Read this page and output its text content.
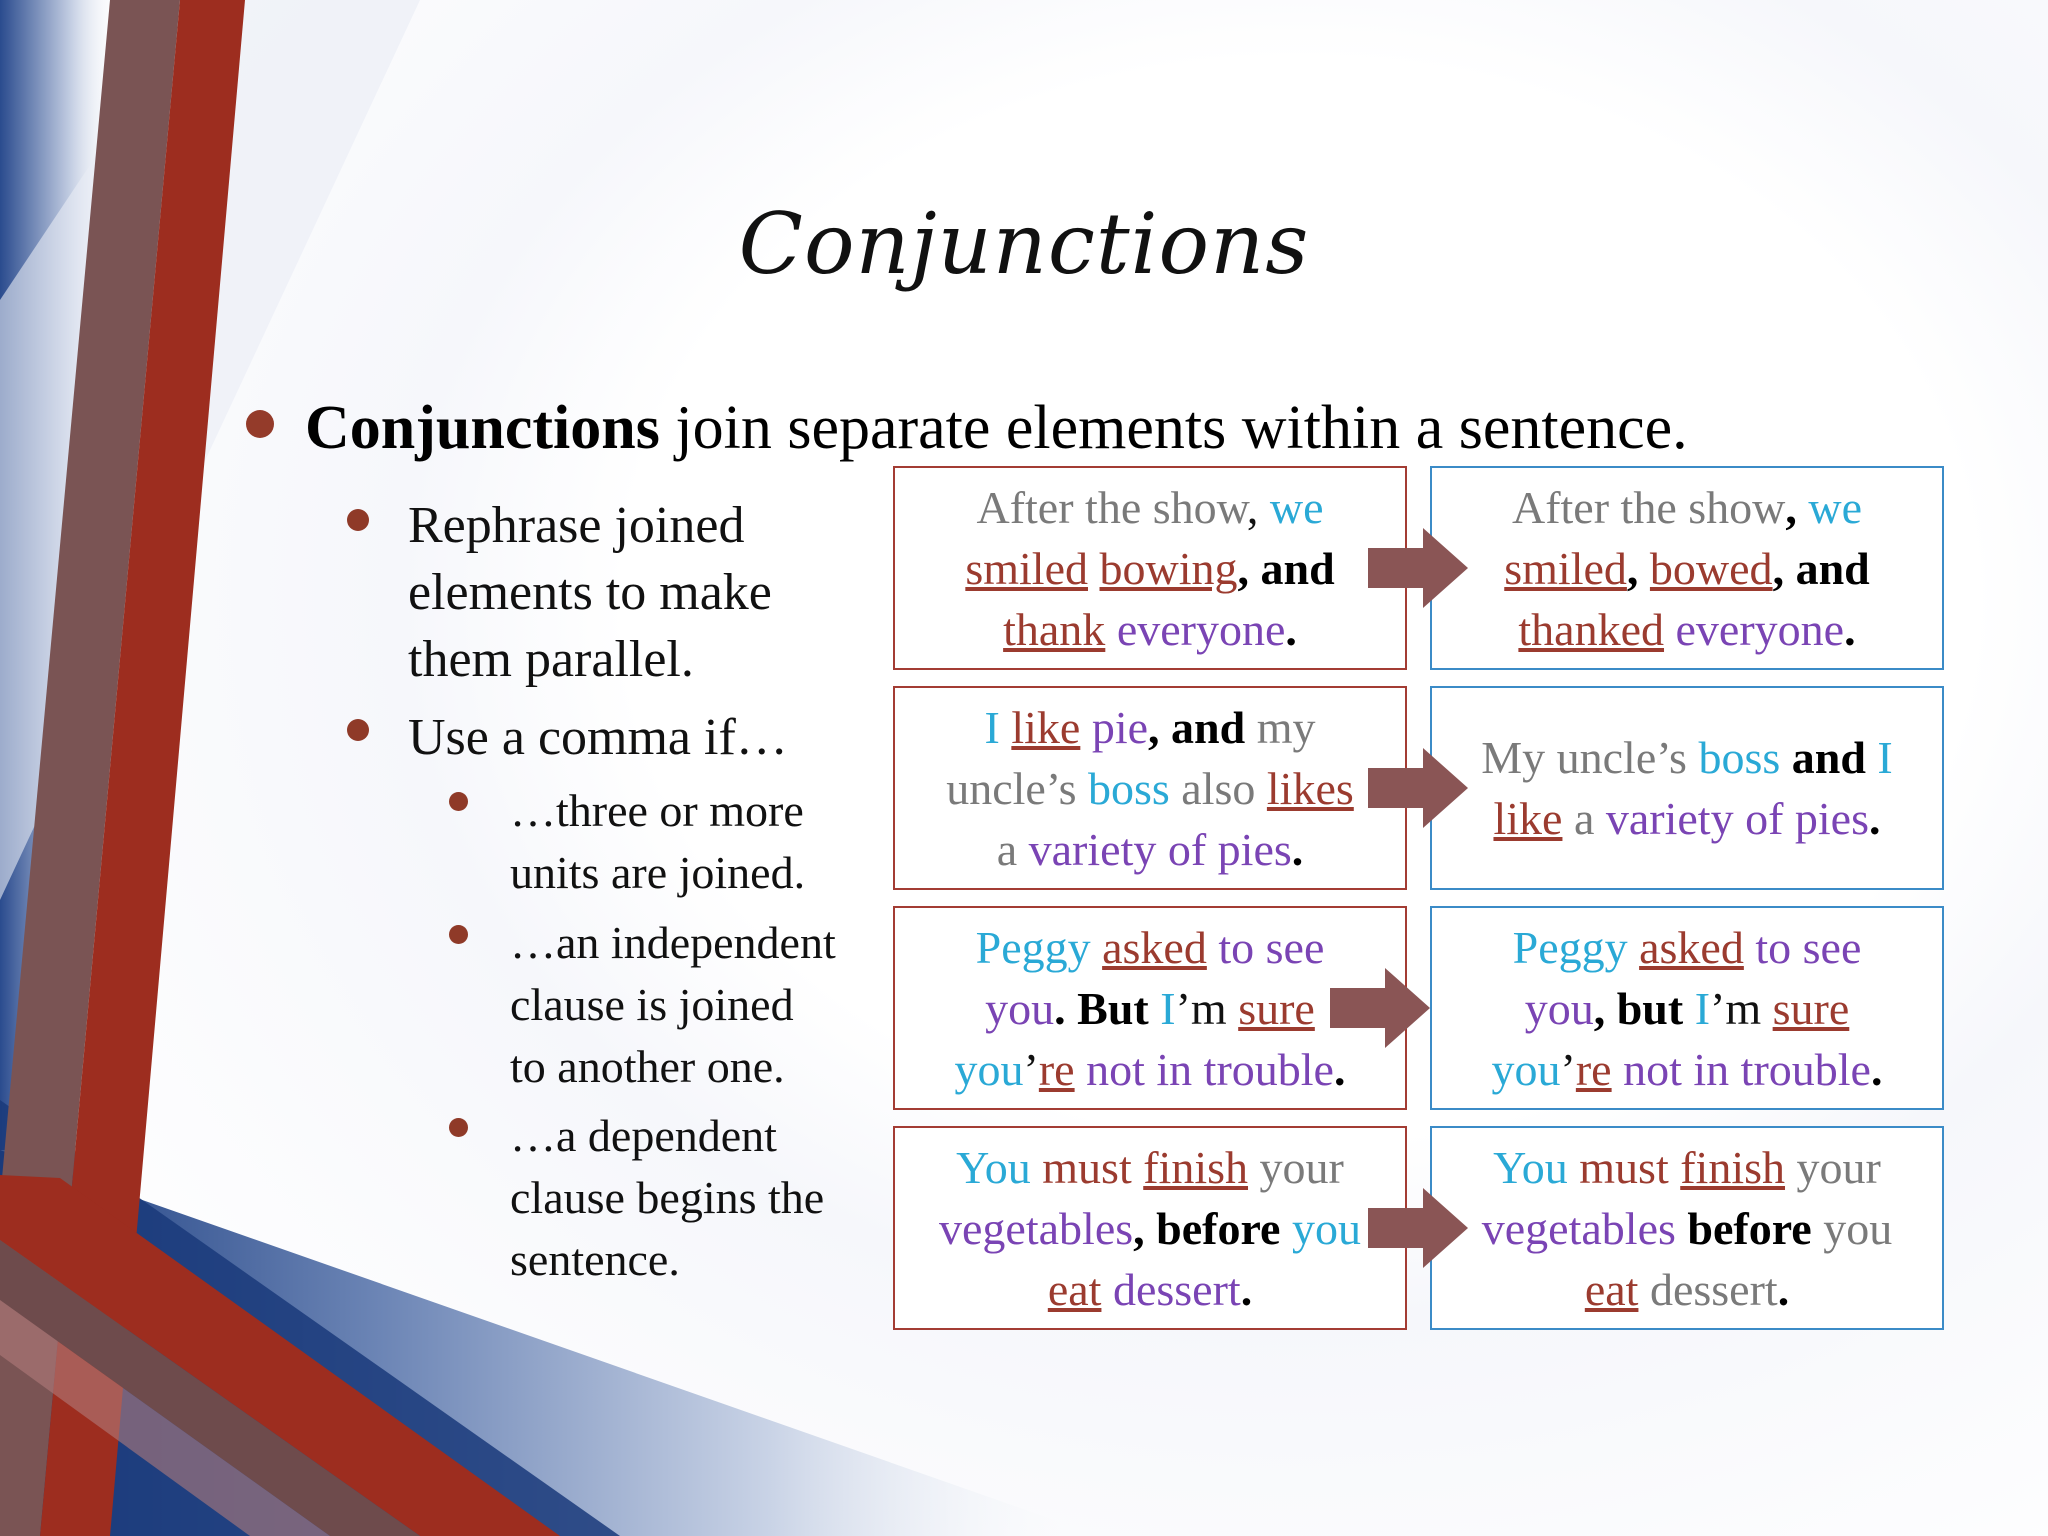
Conjunctions
Conjunctions join separate elements within a sentence.
Rephrase joined
elements to make
them parallel.
Use a comma if…
…three or more
units are joined.
…an independent
clause is joined
to another one.
…a dependent
clause begins the
sentence.
After the show, we
smiled bowing, and
thank everyone.
After the show, we
smiled, bowed, and
thanked everyone.
I like pie, and my
uncle’s boss also likes
a variety of pies.
My uncle’s boss and I
like a variety of pies.
Peggy asked to see
you. But I’m sure
you’re not in trouble.
Peggy asked to see
you, but I’m sure
you’re not in trouble.
You must finish your
vegetables, before you
eat dessert.
You must finish your
vegetables before you
eat dessert.
